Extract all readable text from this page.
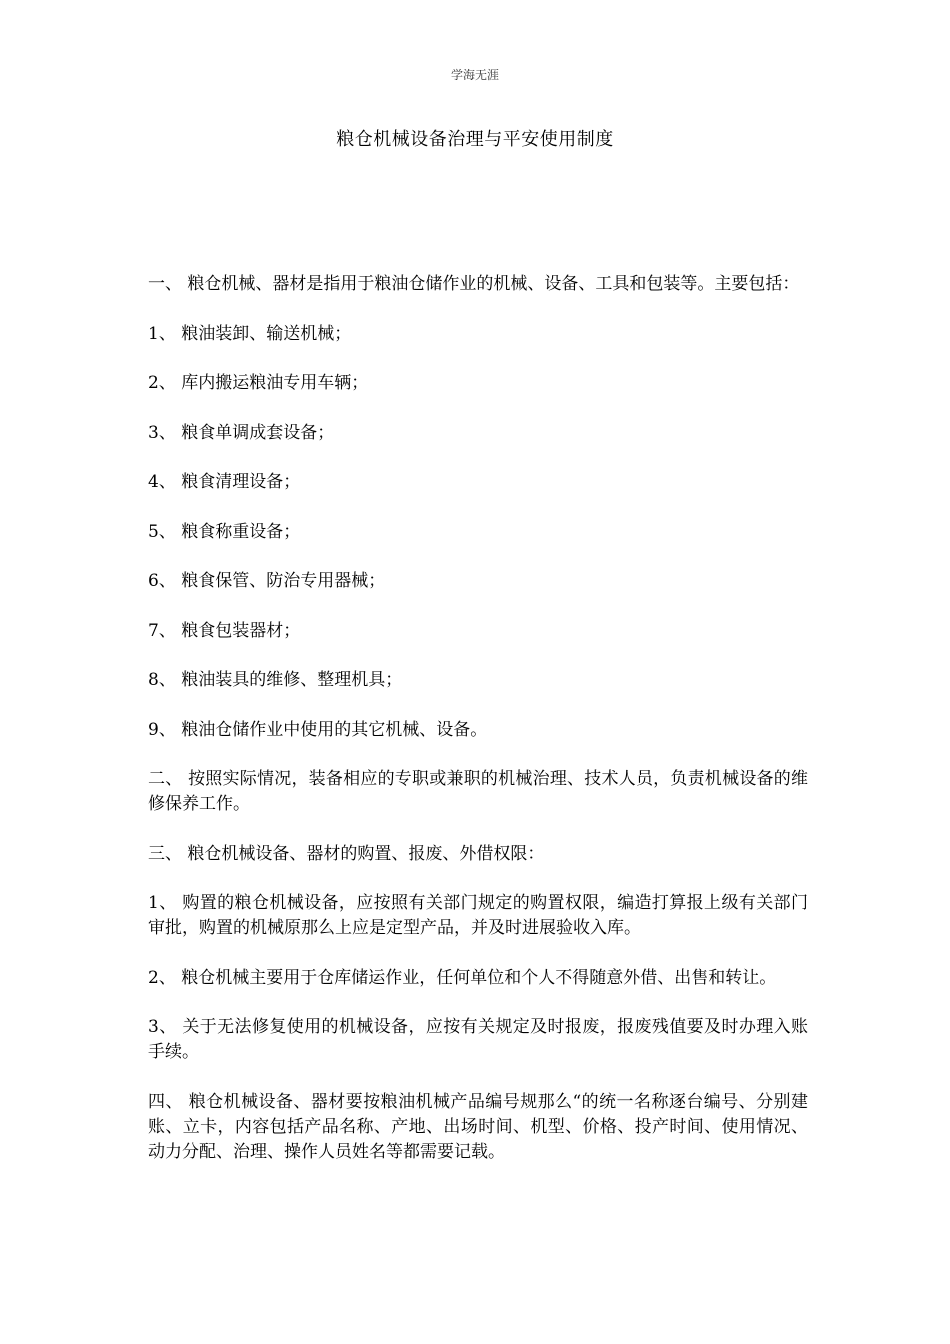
学海无涯
粮仓机械设备治理与平安使用制度

一、 粮仓机械、器材是指用于粮油仓储作业的机械、设备、工具和包装等。主要包括：

1、 粮油装卸、输送机械；

2、 库内搬运粮油专用车辆；

3、 粮食单调成套设备；

4、 粮食清理设备；

5、 粮食称重设备；

6、 粮食保管、防治专用器械；

7、 粮食包装器材；

8、 粮油装具的维修、整理机具；

9、 粮油仓储作业中使用的其它机械、设备。

二、 按照实际情况，装备相应的专职或兼职的机械治理、技术人员，负责机械设备的维修保养工作。

三、 粮仓机械设备、器材的购置、报废、外借权限：

1、 购置的粮仓机械设备，应按照有关部门规定的购置权限，编造打算报上级有关部门审批，购置的机械原那么上应是定型产品，并及时进展验收入库。

2、 粮仓机械主要用于仓库储运作业，任何单位和个人不得随意外借、出售和转让。

3、 关于无法修复使用的机械设备，应按有关规定及时报废，报废残值要及时办理入账手续。

四、 粮仓机械设备、器材要按粮油机械产品编号规那么“的统一名称逐台编号、分别建账、立卡，内容包括产品名称、产地、出场时间、机型、价格、投产时间、使用情况、动力分配、治理、操作人员姓名等都需要记载。
